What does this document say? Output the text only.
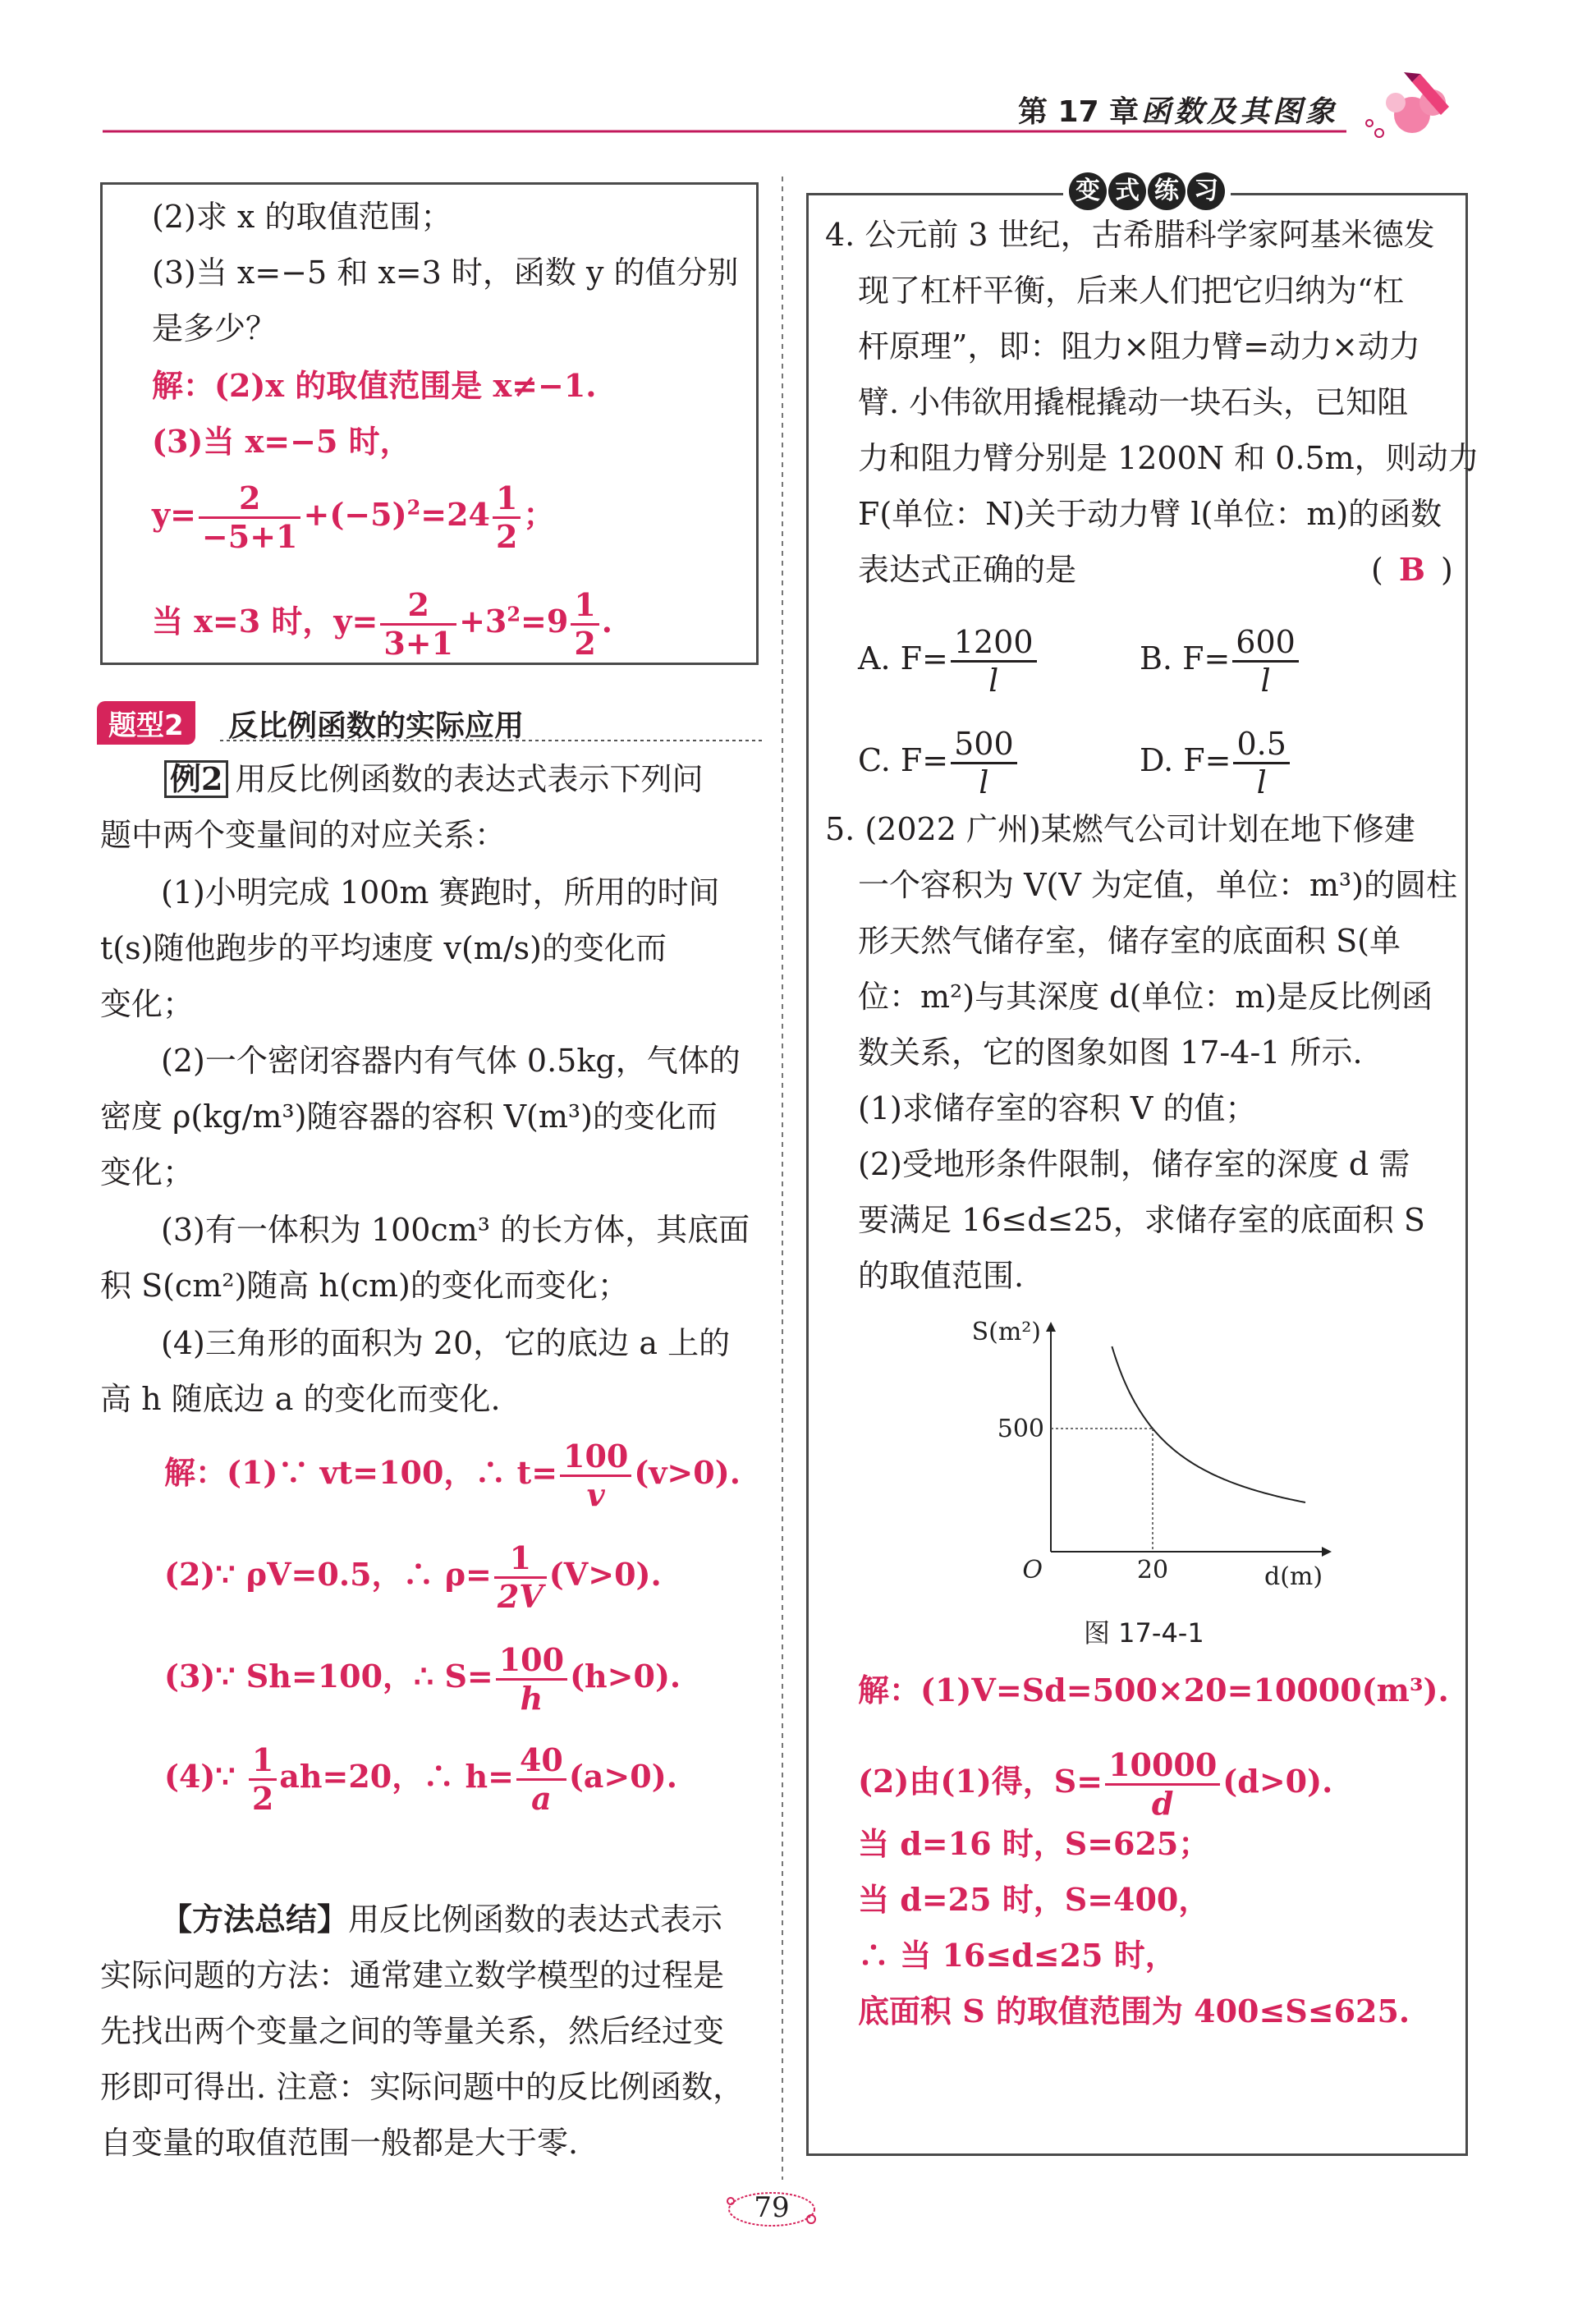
第 17 章 函数及其图象
(2)求 x 的取值范围；
(3)当 x=−5 和 x=3 时，函数 y 的值分别
是多少？
解：(2)x 的取值范围是 x≠−1.
(3)当 x=−5 时，
$y= \frac{2}{-5+1} +(-5)^2=24 \frac{1}{2}$ ；
当 x=3 时，$y= \frac{2}{3+1} +3^2=9 \frac{1}{2}$ .
题型2	反比例函数的实际应用
例2 用反比例函数的表达式表示下列问
题中两个变量间的对应关系：
(1)小明完成 100m 赛跑时，所用的时间
t(s)随他跑步的平均速度 v(m/s)的变化而
变化；
(2)一个密闭容器内有气体 0.5kg，气体的
密度 ρ(kg/m³)随容器的容积 V(m³)的变化而
变化；
(3)有一体积为 100cm³ 的长方体，其底面
积 S(cm²)随高 h(cm)的变化而变化；
(4)三角形的面积为 20，它的底边 a 上的
高 h 随底边 a 的变化而变化.
解：(1)∵ vt=100，∴ $t= \frac{100}{v} (v>0)$.
(2)∵ ρV=0.5，∴ $\rho= \frac{1}{2V} (V>0)$.
(3)∵ Sh=100，∴ $S= \frac{100}{h} (h>0)$.
(4)∵ $\frac{1}{2} ah=20$，∴ $h= \frac{40}{a} (a>0)$.
【方法总结】用反比例函数的表达式表示
实际问题的方法：通常建立数学模型的过程是
先找出两个变量之间的等量关系，然后经过变
形即可得出. 注意：实际问题中的反比例函数，
自变量的取值范围一般都是大于零.
变 式 练 习
4. 公元前 3 世纪，古希腊科学家阿基米德发
现了杠杆平衡，后来人们把它归纳为“杠
杆原理”，即：阻力×阻力臂=动力×动力
臂. 小伟欲用撬棍撬动一块石头，已知阻
力和阻力臂分别是 1200N 和 0.5m，则动力
F(单位：N)关于动力臂 l(单位：m)的函数
表达式正确的是	( B )
A. $F= \frac{1200}{l}$	B. $F= \frac{600}{l}$
C. $F= \frac{500}{l}$	D. $F= \frac{0.5}{l}$
5. (2022 广州)某燃气公司计划在地下修建
一个容积为 V(V 为定值，单位：m³)的圆柱
形天然气储存室，储存室的底面积 S(单
位：m²)与其深度 d(单位：m)是反比例函
数关系，它的图象如图 17-4-1 所示.
(1)求储存室的容积 V 的值；
(2)受地形条件限制，储存室的深度 d 需
要满足 16≤d≤25，求储存室的底面积 S
的取值范围.
500
20
O
S(m²)
d(m)
图 17-4-1
解：(1)V=Sd=500×20=10000(m³).
(2)由(1)得，$S= \frac{10000}{d} (d>0)$.
当 d=16 时，S=625；
当 d=25 时，S=400，
∴ 当 16≤d≤25 时，
底面积 S 的取值范围为 400≤S≤625.
79
